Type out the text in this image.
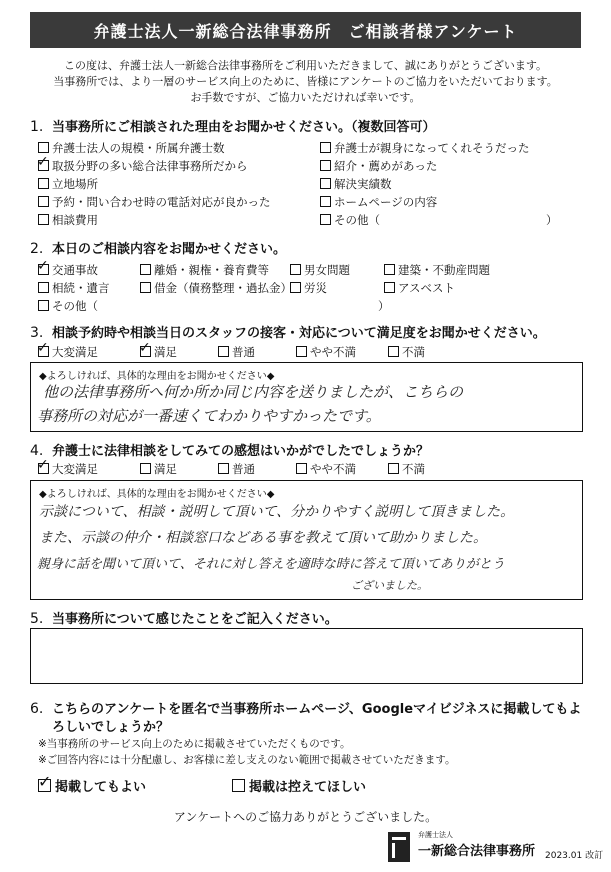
弁護士法人一新総合法律事務所　ご相談者様アンケート
この度は、弁護士法人一新総合法律事務所をご利用いただきまして、誠にありがとうございます。
当事務所では、より一層のサービス向上のために、皆様にアンケートのご協力をいただいております。
お手数ですが、ご協力いただければ幸いです。
1. 当事務所にご相談された理由をお聞かせください。（複数回答可）
弁護士法人の規模・所属弁護士数	弁護士が親身になってくれそうだった
✓取扱分野の多い総合法律事務所だから	紹介・薦めがあった
立地場所	解決実績数
予約・問い合わせ時の電話対応が良かった	ホームページの内容
相談費用	その他（	）
2. 本日のご相談内容をお聞かせください。
✓交通事故	離婚・親権・養育費等	男女問題	建築・不動産問題
相続・遺言	借金（債務整理・過払金）	労災	アスベスト
その他（	）
3. 相談予約時や相談当日のスタッフの接客・対応について満足度をお聞かせください。
✓大変満足
✓	満足	普通	やや不満	不満
◆よろしければ、具体的な理由をお聞かせください◆
他の法律事務所へ何か所か同じ内容を送りましたが、こちらの
事務所の対応が一番速くてわかりやすかったです。
4. 弁護士に法律相談をしてみての感想はいかがでしたでしょうか？
✓大変満足	満足	普通	やや不満	不満
◆よろしければ、具体的な理由をお聞かせください◆
示談について、相談・説明して頂いて、分かりやすく説明して頂きました。
また、示談の仲介・相談窓口などある事を教えて頂いて助かりました。
親身に話を聞いて頂いて、それに対し答えを適時な時に答えて頂いてありがとう
ございました。
5. 当事務所について感じたことをご記入ください。
6. こちらのアンケートを匿名で当事務所ホームページ、Googleマイビジネスに掲載してもよ
ろしいでしょうか？
※当事務所のサービス向上のために掲載させていただくものです。
※ご回答内容には十分配慮し、お客様に差し支えのない範囲で掲載させていただきます。
✓掲載してもよい	掲載は控えてほしい
アンケートへのご協力ありがとうございました。
弁護士法人
一新総合法律事務所 2023.01 改訂
